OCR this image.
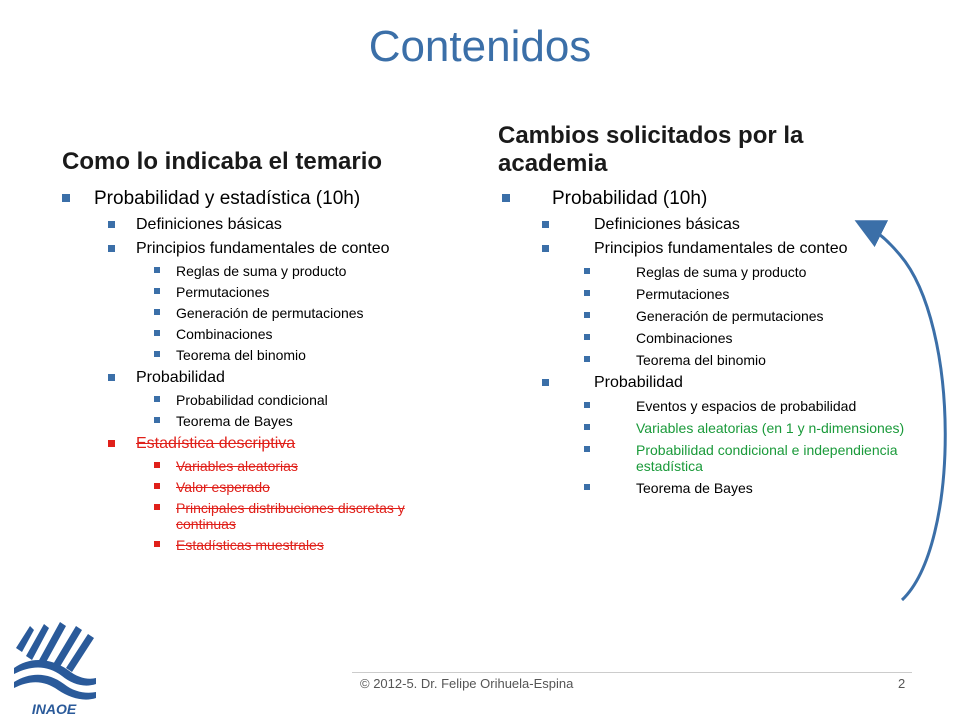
Contenidos
Como lo indicaba el temario
Probabilidad y estadística (10h)
Definiciones básicas
Principios fundamentales de conteo
Reglas de suma y producto
Permutaciones
Generación de permutaciones
Combinaciones
Teorema del binomio
Probabilidad
Probabilidad condicional
Teorema de Bayes
Estadística descriptiva
Variables aleatorias
Valor esperado
Principales distribuciones discretas y continuas
Estadísticas muestrales
Cambios solicitados por la academia
Probabilidad (10h)
Definiciones básicas
Principios fundamentales de conteo
Reglas de suma y producto
Permutaciones
Generación de permutaciones
Combinaciones
Teorema del binomio
Probabilidad
Eventos y espacios de probabilidad
Variables aleatorias (en 1 y n-dimensiones)
Probabilidad condicional e independiencia estadística
Teorema de Bayes
INAOE
© 2012-5. Dr. Felipe Orihuela-Espina	2
